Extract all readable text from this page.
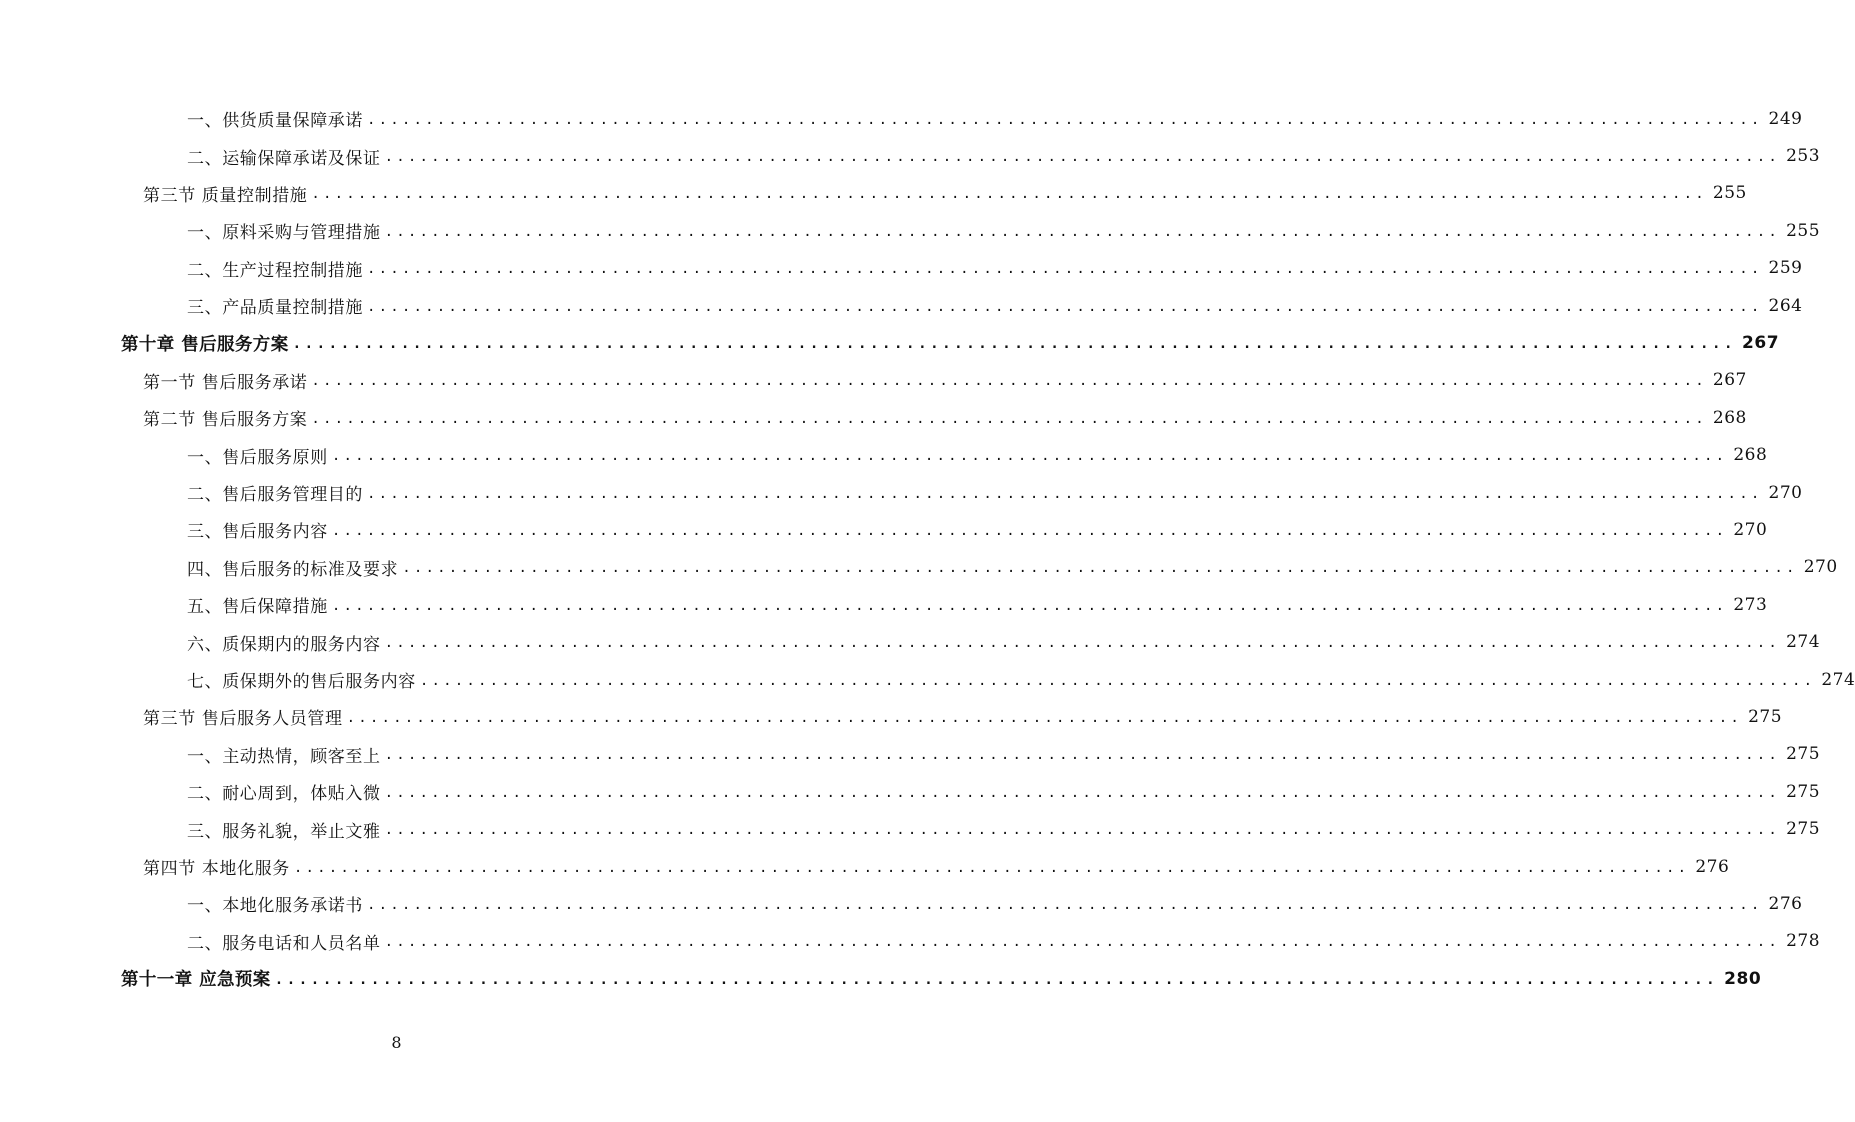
一、供货质量保障承诺 ........................................................................................................................ 249
二、运输保障承诺及保证 ........................................................................................................................ 253
第三节 质量控制措施 ........................................................................................................................ 255
一、原料采购与管理措施 ........................................................................................................................ 255
二、生产过程控制措施 ........................................................................................................................ 259
三、产品质量控制措施 ........................................................................................................................ 264
第十章 售后服务方案 ........................................................................................................................ 267
第一节 售后服务承诺 ........................................................................................................................ 267
第二节 售后服务方案 ........................................................................................................................ 268
一、售后服务原则 ........................................................................................................................ 268
二、售后服务管理目的 ........................................................................................................................ 270
三、售后服务内容 ........................................................................................................................ 270
四、售后服务的标准及要求 ........................................................................................................................ 270
五、售后保障措施 ........................................................................................................................ 273
六、质保期内的服务内容 ........................................................................................................................ 274
七、质保期外的售后服务内容 ........................................................................................................................ 274
第三节 售后服务人员管理 ........................................................................................................................ 275
一、主动热情，顾客至上 ........................................................................................................................ 275
二、耐心周到，体贴入微 ........................................................................................................................ 275
三、服务礼貌，举止文雅 ........................................................................................................................ 275
第四节 本地化服务 ........................................................................................................................ 276
一、本地化服务承诺书 ........................................................................................................................ 276
二、服务电话和人员名单 ........................................................................................................................ 278
第十一章 应急预案 ........................................................................................................................ 280
8
